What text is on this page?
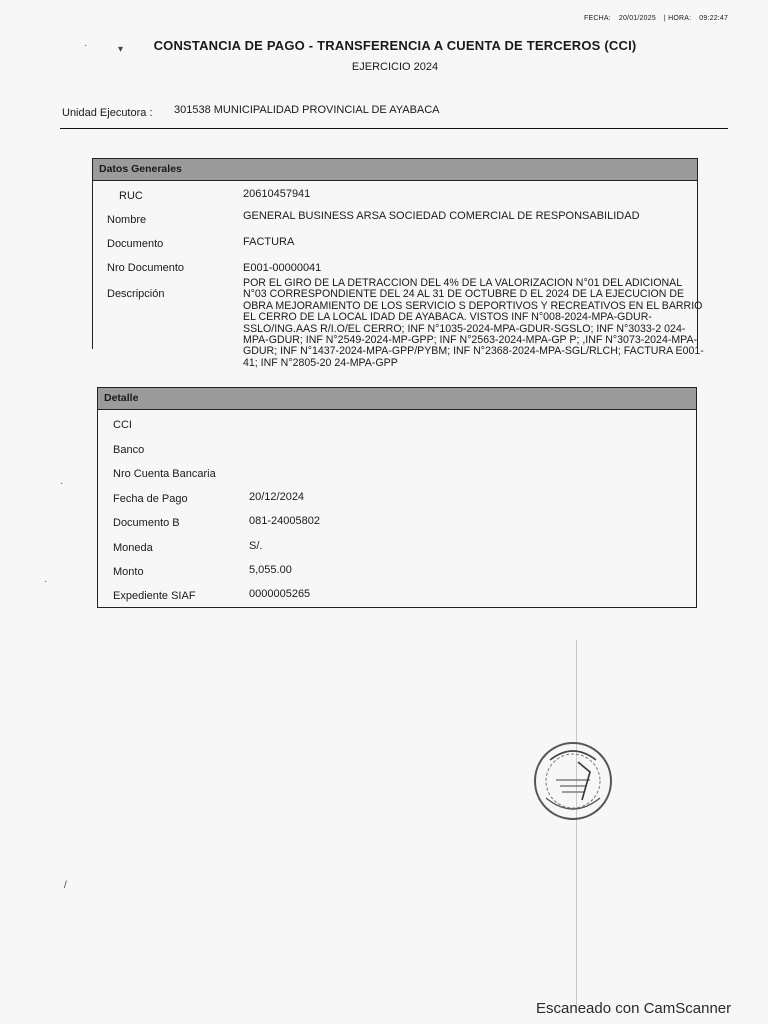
FECHA: 20/01/2025 | HORA: 09:22:47
·	▾	CONSTANCIA DE PAGO - TRANSFERENCIA A CUENTA DE TERCEROS (CCI)
EJERCICIO 2024
Unidad Ejecutora : 301538 MUNICIPALIDAD PROVINCIAL DE AYABACA
Datos Generales
RUC	20610457941
Nombre	GENERAL BUSINESS ARSA SOCIEDAD COMERCIAL DE RESPONSABILIDAD
Documento	FACTURA
Nro Documento	E001-00000041
Descripción
POR EL GIRO DE LA DETRACCION DEL 4% DE LA VALORIZACION N°01 DEL ADICIONAL N°03 CORRESPONDIENTE DEL 24 AL 31 DE OCTUBRE D EL 2024 DE LA EJECUCION DE OBRA MEJORAMIENTO DE LOS SERVICIO S DEPORTIVOS Y RECREATIVOS EN EL BARRIO EL CERRO DE LA LOCAL IDAD DE AYABACA. VISTOS INF N°008-2024-MPA-GDUR-SSLO/ING.AAS R/I.O/EL CERRO; INF N°1035-2024-MPA-GDUR-SGSLO; INF N°3033-2 024-MPA-GDUR; INF N°2549-2024-MP-GPP; INF N°2563-2024-MPA-GP P; ,INF N°3073-2024-MPA-GDUR; INF N°1437-2024-MPA-GPP/PYBM; INF N°2368-2024-MPA-SGL/RLCH; FACTURA E001-41; INF N°2805-20 24-MPA-GPP
Detalle
CCI
Banco
Nro Cuenta Bancaria
Fecha de Pago	20/12/2024
Documento B	081-24005802
Moneda	S/.
Monto	5,055.00
Expediente SIAF	0000005265
·
·
/
Escaneado con CamScanner
